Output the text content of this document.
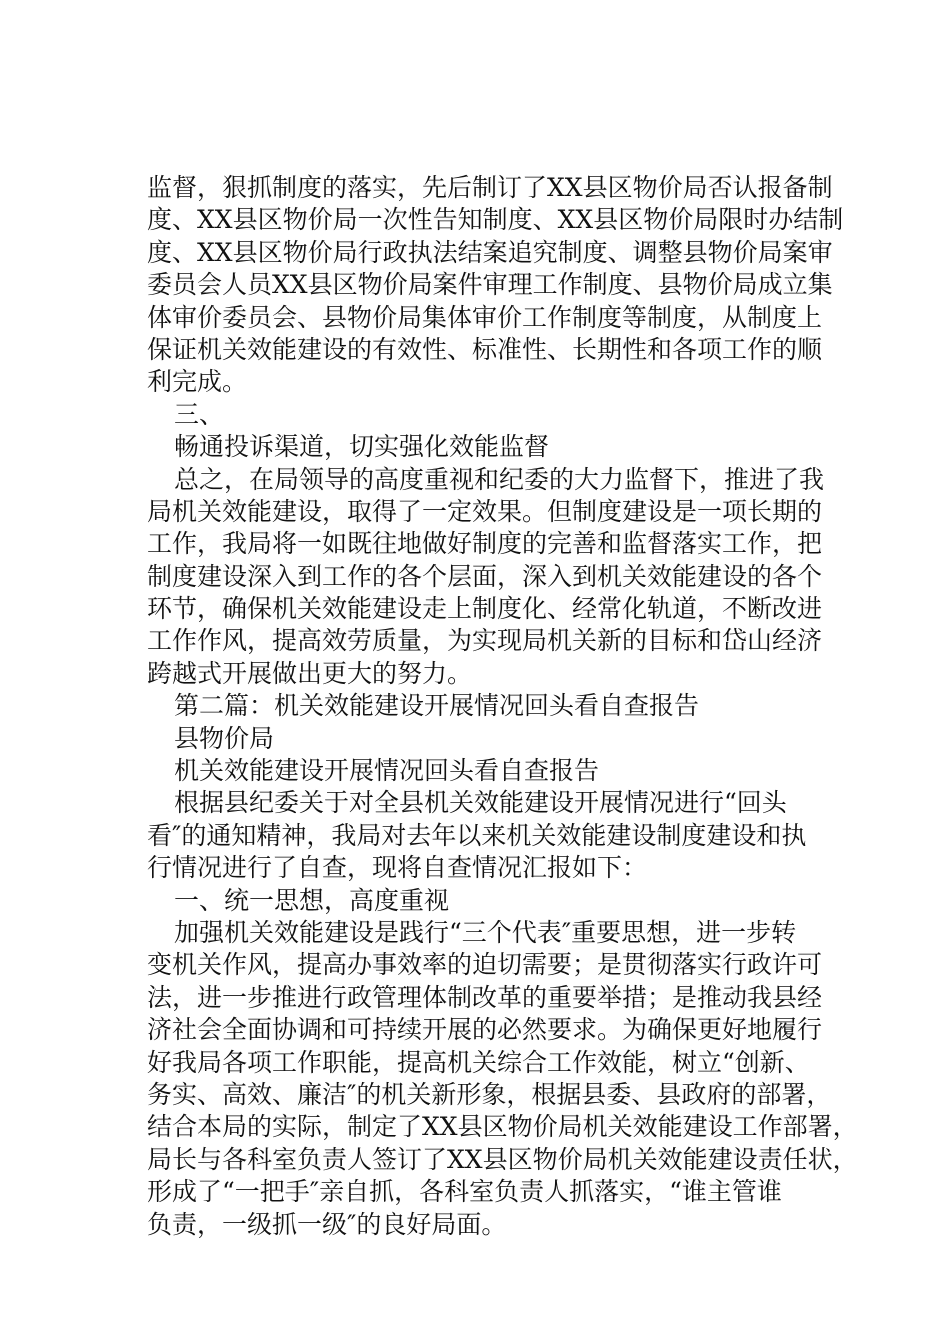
监督，狠抓制度的落实，先后制订了XX县区物价局否认报备制
度、XX县区物价局一次性告知制度、XX县区物价局限时办结制
度、XX县区物价局行政执法结案追究制度、调整县物价局案审
委员会人员XX县区物价局案件审理工作制度、县物价局成立集
体审价委员会、县物价局集体审价工作制度等制度，从制度上
保证机关效能建设的有效性、标准性、长期性和各项工作的顺
利完成。
三、
畅通投诉渠道，切实强化效能监督
总之，在局领导的高度重视和纪委的大力监督下，推进了我
局机关效能建设，取得了一定效果。但制度建设是一项长期的
工作，我局将一如既往地做好制度的完善和监督落实工作，把
制度建设深入到工作的各个层面，深入到机关效能建设的各个
环节，确保机关效能建设走上制度化、经常化轨道，不断改进
工作作风，提高效劳质量，为实现局机关新的目标和岱山经济
跨越式开展做出更大的努力。
第二篇：机关效能建设开展情况回头看自查报告
县物价局
机关效能建设开展情况回头看自查报告
根据县纪委关于对全县机关效能建设开展情况进行“回头
看″的通知精神，我局对去年以来机关效能建设制度建设和执
行情况进行了自查，现将自查情况汇报如下：
一、统一思想，高度重视
加强机关效能建设是践行“三个代表″重要思想，进一步转
变机关作风，提高办事效率的迫切需要；是贯彻落实行政许可
法，进一步推进行政管理体制改革的重要举措；是推动我县经
济社会全面协调和可持续开展的必然要求。为确保更好地履行
好我局各项工作职能，提高机关综合工作效能，树立“创新、
务实、高效、廉洁″的机关新形象，根据县委、县政府的部署，
结合本局的实际，制定了XX县区物价局机关效能建设工作部署，
局长与各科室负责人签订了XX县区物价局机关效能建设责任状，
形成了“一把手″亲自抓，各科室负责人抓落实，“谁主管谁
负责，一级抓一级″的良好局面。
